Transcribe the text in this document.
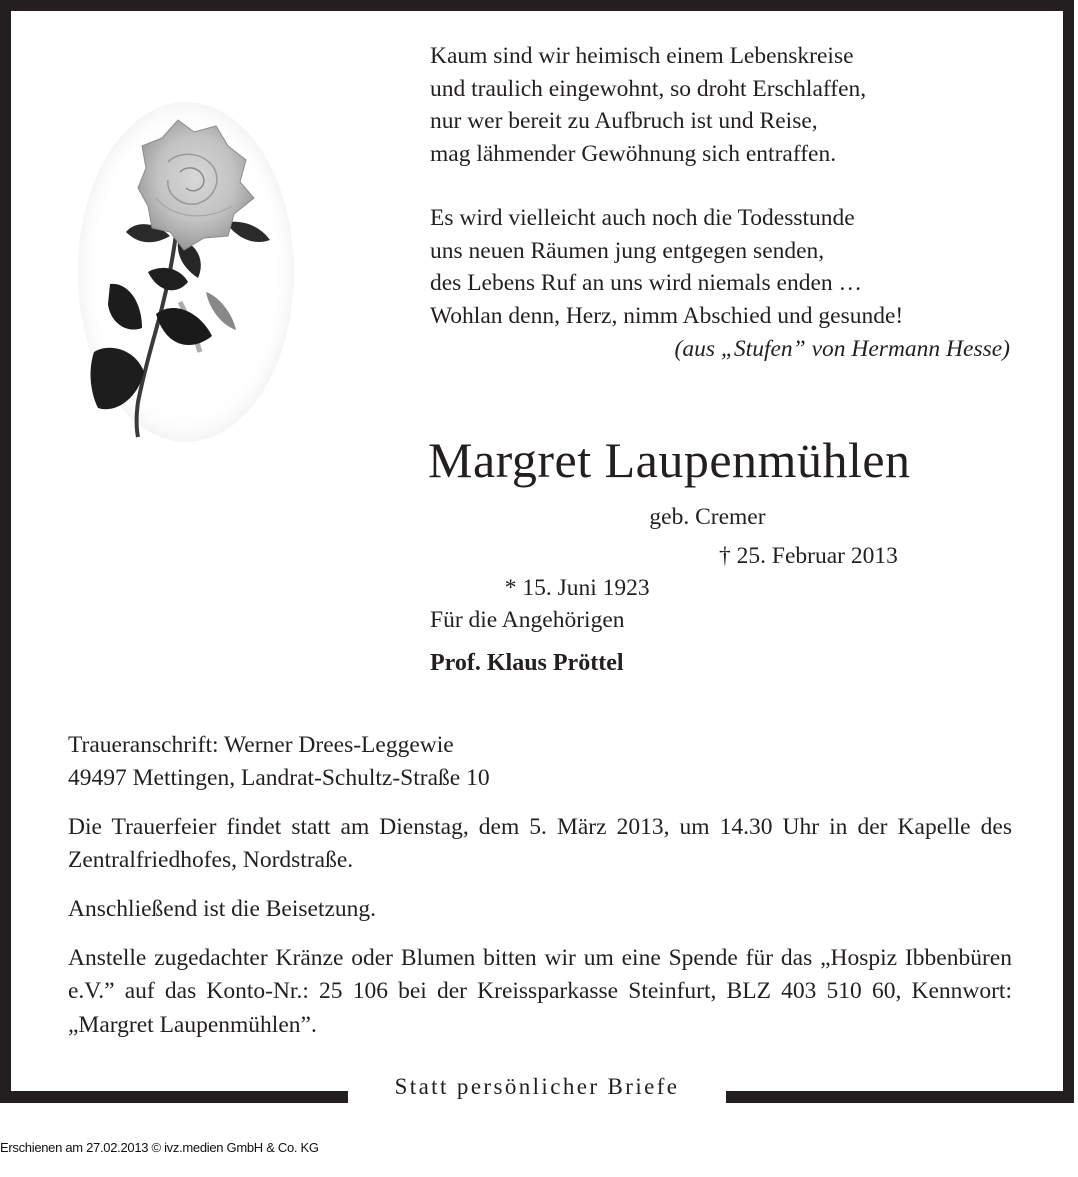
Statt persönlicher Briefe

Kaum sind wir heimisch einem Lebenskreise

und traulich eingewohnt, so droht Erschlaffen,

nur wer bereit zu Aufbruch ist und Reise,

mag lähmender Gewöhnung sich entraffen.

Es wird vielleicht auch noch die Todesstunde

uns neuen Räumen jung entgegen senden,

des Lebens Ruf an uns wird niemals enden …

Wohlan denn, Herz, nimm Abschied und gesunde!

(aus „Stufen” von Hermann Hesse)

Margret Laupenmühlen
geb. Cremer

* 15. Juni 1923

† 25. Februar 2013

Für die Angehörigen
Prof. Klaus Pröttel

Traueranschrift: Werner Drees-Leggewie
49497 Mettingen, Landrat-Schultz-Straße 10

Die Trauerfeier findet statt am Dienstag, dem 5. März 2013, um 14.30 Uhr in der Kapelle des Zentralfriedhofes, Nordstraße.

Anschließend ist die Beisetzung.

Anstelle zugedachter Kränze oder Blumen bitten wir um eine Spende für das „Hospiz Ibbenbüren e.V.” auf das Konto-Nr.: 25 106 bei der Kreissparkasse Steinfurt, BLZ 403 510 60, Kennwort: „Margret Laupenmühlen”.

Erschienen am 27.02.2013 © ivz.medien GmbH & Co. KG
